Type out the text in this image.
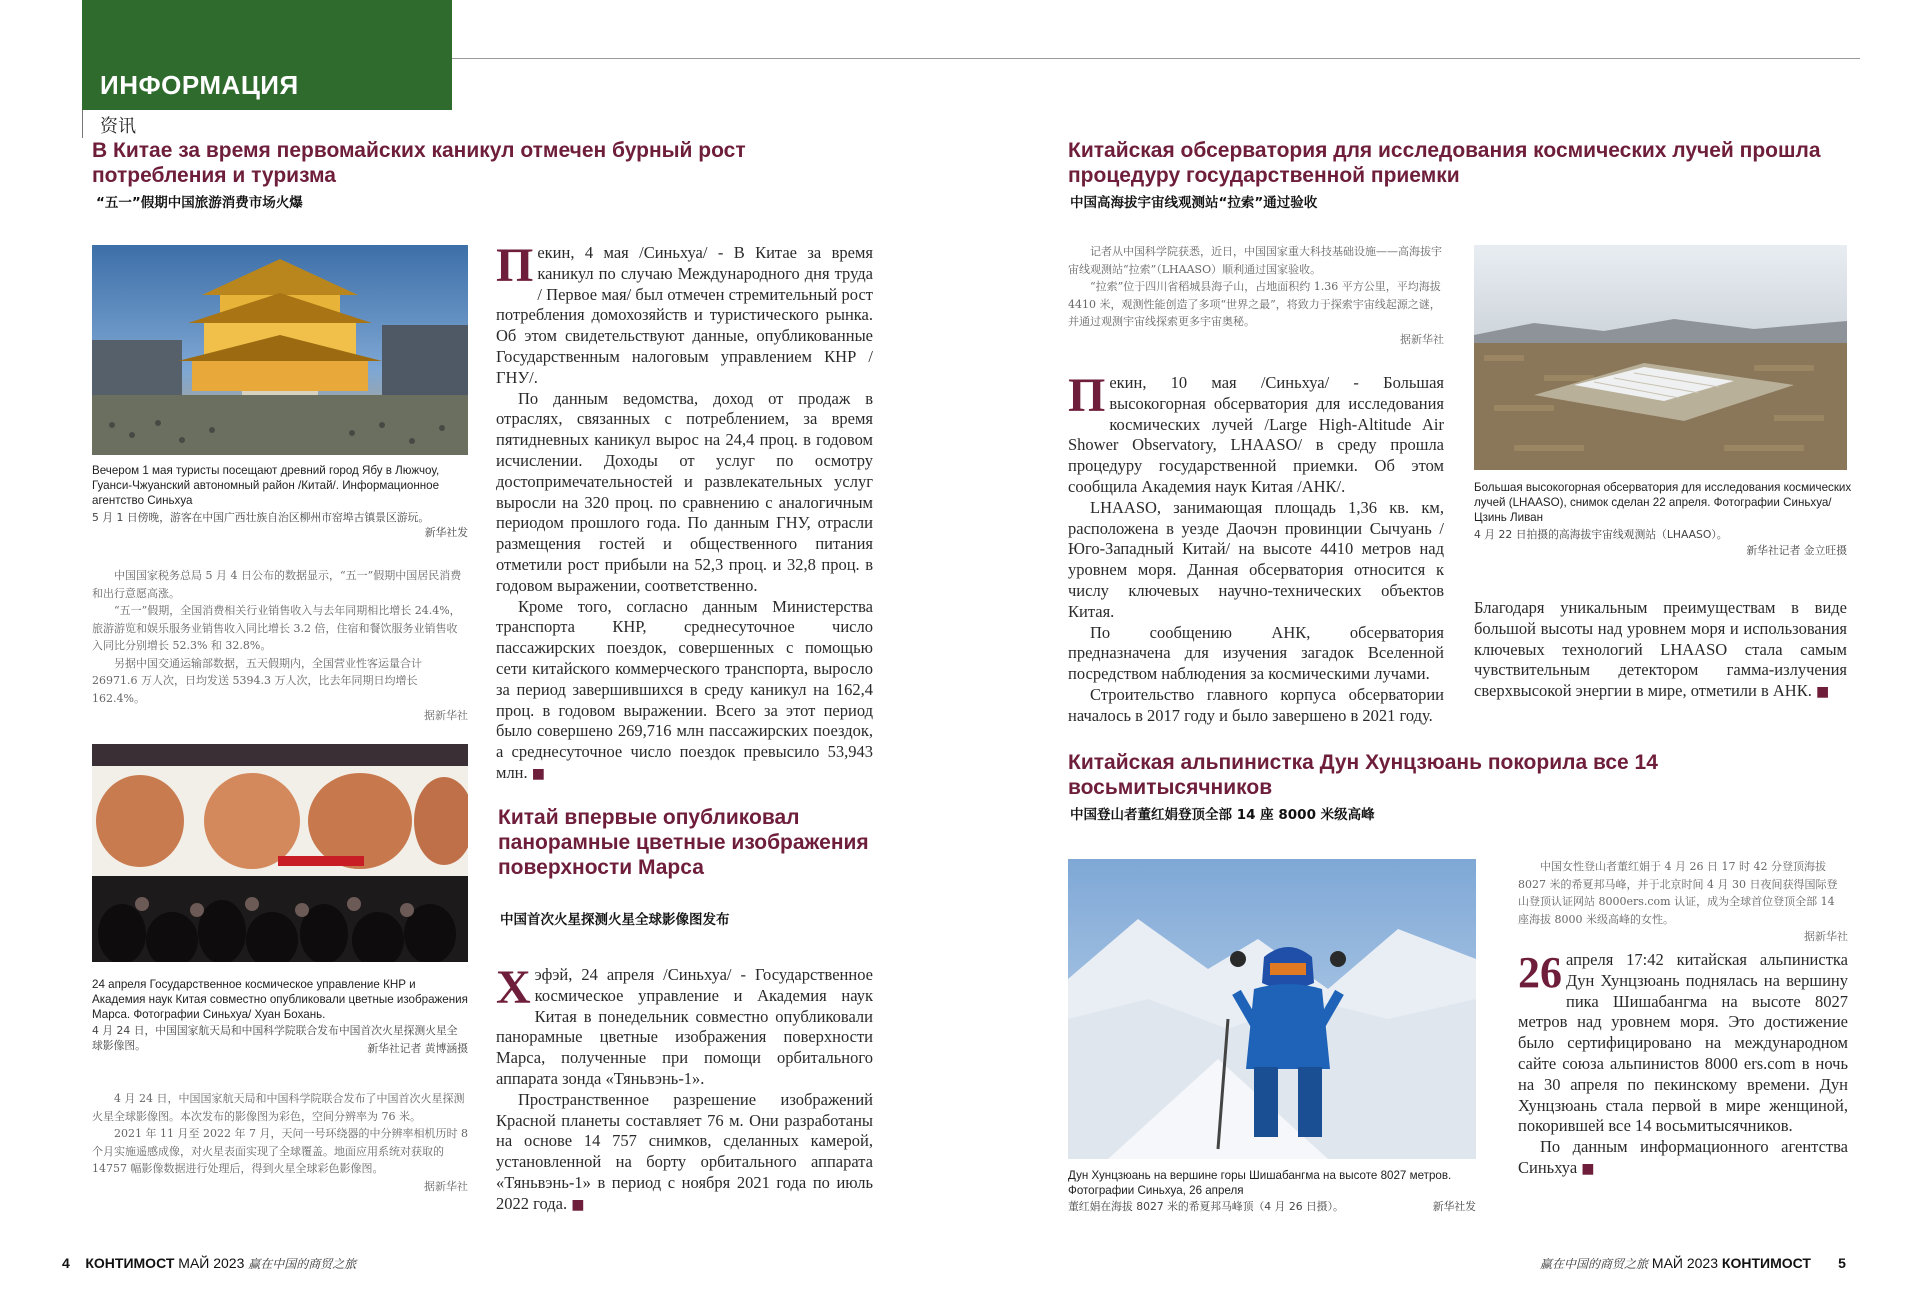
ИНФОРМАЦИЯ
资讯
В Китае за время первомайских каникул отмечен бурный рост потребления и туризма
“五一”假期中国旅游消费市场火爆
Вечером 1 мая туристы посещают древний город Ябу в Люжчоу, Гуанси-Чжуанский автономный район /Китай/. Информационное агентство Синьхуа
5 月 1 日傍晚，游客在中国广西壮族自治区柳州市窑埠古镇景区游玩。
新华社发

中国国家税务总局 5 月 4 日公布的数据显示，“五一”假期中国居民消费和出行意愿高涨。

“五一”假期，全国消费相关行业销售收入与去年同期相比增长 24.4%，旅游游览和娱乐服务业销售收入同比增长 3.2 倍，住宿和餐饮服务业销售收入同比分别增长 52.3% 和 32.8%。

另据中国交通运输部数据，五天假期内，全国营业性客运量合计 26971.6 万人次，日均发送 5394.3 万人次，比去年同期日均增长 162.4%。

据新华社

Пекин, 4 мая /Синьхуа/ - В Китае за время каникул по случаю Международного дня труда / Первое мая/ был отмечен стремительный рост потребления домохозяйств и туристического рынка. Об этом свидетельствуют данные, опубликованные Государственным налоговым управлением КНР / ГНУ/.

По данным ведомства, доход от продаж в отраслях, связанных с потреблением, за время пятидневных каникул вырос на 24,4 проц. в годовом исчислении. Доходы от услуг по осмотру достопримечательностей и развлекательных услуг выросли на 320 проц. по сравнению с аналогичным периодом прошлого года. По данным ГНУ, отрасли размещения гостей и общественного питания отметили рост прибыли на 52,3 проц. и 32,8 проц. в годовом выражении, соответственно.

Кроме того, согласно данным Министерства транспорта КНР, среднесуточное число пассажирских поездок, совершенных с помощью сети китайского коммерческого транспорта, выросло за период завершившихся в среду каникул на 162,4 проц. в годовом выражении. Всего за этот период было совершено 269,716 млн пассажирских поездок, а среднесуточное число поездок превысило 53,943 млн. ■

24 апреля Государственное космическое управление КНР и Академия наук Китая совместно опубликовали цветные изображения Марса. Фотографии Синьхуа/ Хуан Бохань.
4 月 24 日，中国国家航天局和中国科学院联合发布中国首次火星探测火星全球影像图。	新华社记者 黄博涵摄

4 月 24 日，中国国家航天局和中国科学院联合发布了中国首次火星探测火星全球影像图。本次发布的影像图为彩色，空间分辨率为 76 米。

2021 年 11 月至 2022 年 7 月，天问一号环绕器的中分辨率相机历时 8 个月实施遥感成像，对火星表面实现了全球覆盖。地面应用系统对获取的 14757 幅影像数据进行处理后，得到火星全球彩色影像图。

据新华社

Китай впервые опубликовал панорамные цветные изображения поверхности Марса
中国首次火星探测火星全球影像图发布

Хэфэй, 24 апреля /Синьхуа/ - Государственное космическое управление и Академия наук Китая в понедельник совместно опубликовали панорамные цветные изображения поверхности Марса, полученные при помощи орбитального аппарата зонда «Тяньвэнь-1».

Пространственное разрешение изображений Красной планеты составляет 76 м. Они разработаны на основе 14 757 снимков, сделанных камерой, установленной на борту орбитального аппарата «Тяньвэнь-1» в период с ноября 2021 года по июль 2022 года. ■

Китайская обсерватория для исследования космических лучей прошла процедуру государственной приемки
中国高海拔宇宙线观测站“拉索”通过验收

记者从中国科学院获悉，近日，中国国家重大科技基础设施——高海拔宇宙线观测站“拉索”（LHAASO）顺利通过国家验收。

“拉索”位于四川省稻城县海子山，占地面积约 1.36 平方公里，平均海拔 4410 米，观测性能创造了多项“世界之最”，将致力于探索宇宙线起源之谜，并通过观测宇宙线探索更多宇宙奥秘。

据新华社

Пекин, 10 мая /Синьхуа/ - Большая высокогорная обсерватория для исследования космических лучей /Large High-Altitude Air Shower Observatory, LHAASO/ в среду прошла процедуру государственной приемки. Об этом сообщила Академия наук Китая /АНК/.

LHAASO, занимающая площадь 1,36 кв. км, расположена в уезде Даочэн провинции Сычуань / Юго-Западный Китай/ на высоте 4410 метров над уровнем моря. Данная обсерватория относится к числу ключевых научно-технических объектов Китая.

По сообщению АНК, обсерватория предназначена для изучения загадок Вселенной посредством наблюдения за космическими лучами.

Строительство главного корпуса обсерватории началось в 2017 году и было завершено в 2021 году.

Большая высокогорная обсерватория для исследования космических лучей (LHAASO), снимок сделан 22 апреля. Фотографии Синьхуа/ Цзинь Ливан
4 月 22 日拍摄的高海拔宇宙线观测站（LHAASO）。
新华社记者 金立旺摄

Благодаря уникальным преимуществам в виде большой высоты над уровнем моря и использования ключевых технологий LHAASO стала самым чувствительным детектором гамма-излучения сверхвысокой энергии в мире, отметили в АНК. ■

Китайская альпинистка Дун Хунцзюань покорила все 14 восьмитысячников
中国登山者董红娟登顶全部 14 座 8000 米级高峰
Дун Хунцзюань на вершине горы Шишабангма на высоте 8027 метров. Фотографии Синьхуа, 26 апреля
董红娟在海拔 8027 米的希夏邦马峰顶（4 月 26 日摄）。	新华社发

中国女性登山者董红娟于 4 月 26 日 17 时 42 分登顶海拔 8027 米的希夏邦马峰，并于北京时间 4 月 30 日夜间获得国际登山登顶认证网站 8000ers.com 认证，成为全球首位登顶全部 14 座海拔 8000 米级高峰的女性。

据新华社

26 апреля 17:42 китайская альпинистка Дун Хунцзюань поднялась на вершину пика Шишабангма на высоте 8027 метров над уровнем моря. Это достижение было сертифицировано на международном сайте союза альпинистов 8000 ers.com в ночь на 30 апреля по пекинскому времени. Дун Хунцзюань стала первой в мире женщиной, покорившей все 14 восьмитысячников.

По данным информационного агентства Синьхуа ■

4 КОНТИМОСТ МАЙ 2023 赢在中国的商贸之旅	赢在中国的商贸之旅 МАЙ 2023 КОНТИМОСТ 5
